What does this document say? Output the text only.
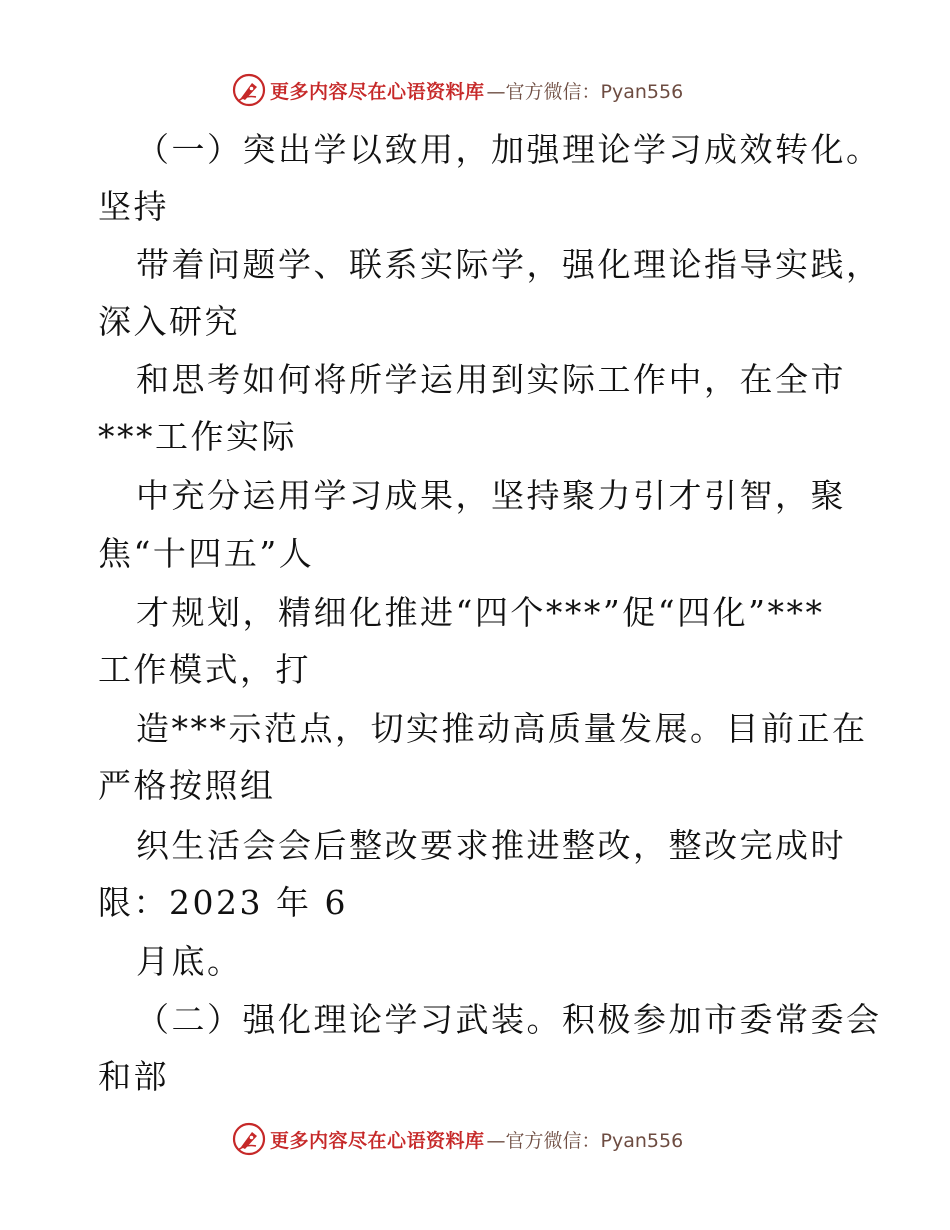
更多内容尽在心语资料库 —官方微信：Pyan556
（一）突出学以致用，加强理论学习成效转化。
坚持
带着问题学、联系实际学，强化理论指导实践，
深入研究
和思考如何将所学运用到实际工作中，在全市
***工作实际
中充分运用学习成果，坚持聚力引才引智，聚
焦“十四五”人
才规划，精细化推进“四个***”促“四化”***
工作模式，打
造***示范点，切实推动高质量发展。目前正在
严格按照组
织生活会会后整改要求推进整改，整改完成时
限：2023 年 6
月底。
（二）强化理论学习武装。积极参加市委常委会
和部
更多内容尽在心语资料库 —官方微信：Pyan556
